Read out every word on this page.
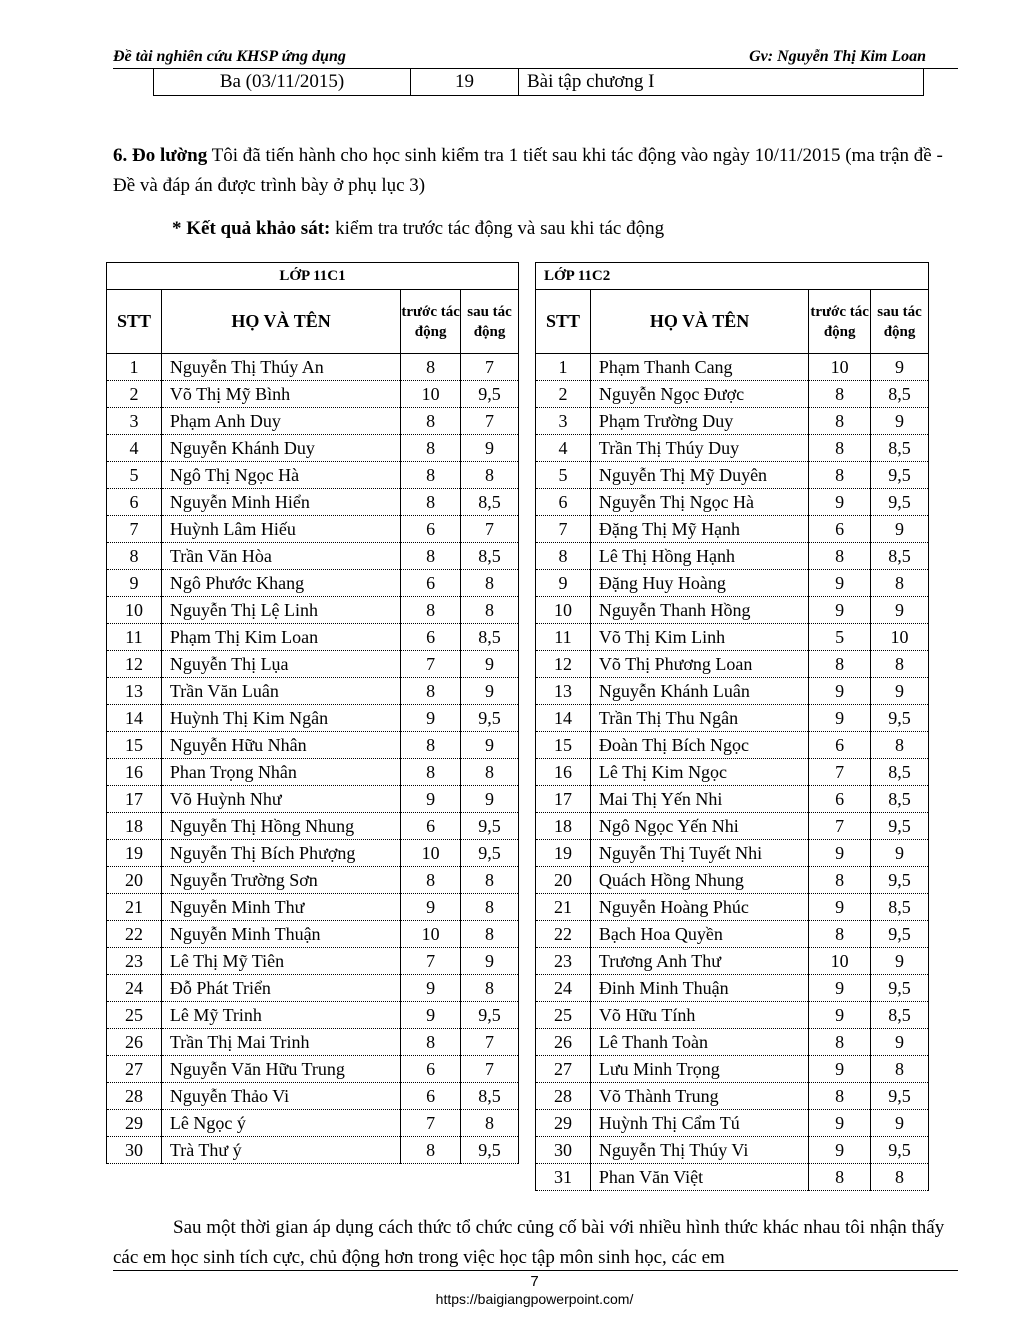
Đề tài nghiên cứu KHSP ứng dụng	Gv: Nguyễn Thị Kim Loan
Ba (03/11/2015)	19	Bài tập chương I

6. Đo lường Tôi đã tiến hành cho học sinh kiểm tra 1 tiết sau khi tác động vào ngày 10/11/2015 (ma trận đề - Đề và đáp án được trình bày ở phụ lục 3)

* Kết quả khảo sát: kiểm tra trước tác động và sau khi tác động

LỚP 11C1			
STT	HỌ VÀ TÊN	trước tác động	sau tác động
1	Nguyễn Thị Thúy An	8	7
2	Võ Thị Mỹ Bình	10	9,5
3	Phạm Anh Duy	8	7
4	Nguyễn Khánh Duy	8	9
5	Ngô Thị Ngọc Hà	8	8
6	Nguyễn Minh Hiển	8	8,5
7	Huỳnh Lâm Hiếu	6	7
8	Trần Văn Hòa	8	8,5
9	Ngô Phước Khang	6	8
10	Nguyễn Thị Lệ Linh	8	8
11	Phạm Thị Kim Loan	6	8,5
12	Nguyễn Thị Lụa	7	9
13	Trần Văn Luân	8	9
14	Huỳnh Thị Kim Ngân	9	9,5
15	Nguyễn Hữu Nhân	8	9
16	Phan Trọng Nhân	8	8
17	Võ Huỳnh Như	9	9
18	Nguyễn Thị Hồng Nhung	6	9,5
19	Nguyễn Thị Bích Phượng	10	9,5
20	Nguyễn Trường Sơn	8	8
21	Nguyễn Minh Thư	9	8
22	Nguyễn Minh Thuận	10	8
23	Lê Thị Mỹ Tiên	7	9
24	Đỗ Phát Triển	9	8
25	Lê Mỹ Trinh	9	9,5
26	Trần Thị Mai Trinh	8	7
27	Nguyễn Văn Hữu Trung	6	7
28	Nguyễn Thảo Vi	6	8,5
29	Lê Ngọc ý	7	8
30	Trà Thư ý	8	9,5
LỚP 11C2			
STT	HỌ VÀ TÊN	trước tác động	sau tác động
1	Phạm Thanh Cang	10	9
2	Nguyễn Ngọc Được	8	8,5
3	Phạm Trường Duy	8	9
4	Trần Thị Thúy Duy	8	8,5
5	Nguyễn Thị Mỹ Duyên	8	9,5
6	Nguyễn Thị Ngọc Hà	9	9,5
7	Đặng Thị Mỹ Hạnh	6	9
8	Lê Thị Hồng Hạnh	8	8,5
9	Đặng Huy Hoàng	9	8
10	Nguyễn Thanh Hồng	9	9
11	Võ Thị Kim Linh	5	10
12	Võ Thị Phương Loan	8	8
13	Nguyễn Khánh Luân	9	9
14	Trần Thị Thu Ngân	9	9,5
15	Đoàn Thị Bích Ngọc	6	8
16	Lê Thị Kim Ngọc	7	8,5
17	Mai Thị Yến Nhi	6	8,5
18	Ngô Ngọc Yến Nhi	7	9,5
19	Nguyễn Thị Tuyết Nhi	9	9
20	Quách Hồng Nhung	8	9,5
21	Nguyễn Hoàng Phúc	9	8,5
22	Bạch Hoa Quyền	8	9,5
23	Trương Anh Thư	10	9
24	Đinh Minh Thuận	9	9,5
25	Võ Hữu Tính	9	8,5
26	Lê Thanh Toàn	8	9
27	Lưu Minh Trọng	9	8
28	Võ Thành Trung	8	9,5
29	Huỳnh Thị Cẩm Tú	9	9
30	Nguyễn Thị Thúy Vi	9	9,5
31	Phan Văn Việt	8	8

Sau một thời gian áp dụng cách thức tổ chức củng cố bài với nhiều hình thức khác nhau tôi nhận thấy các em học sinh tích cực, chủ động hơn trong việc học tập môn sinh học, các em

7
https://baigiangpowerpoint.com/
